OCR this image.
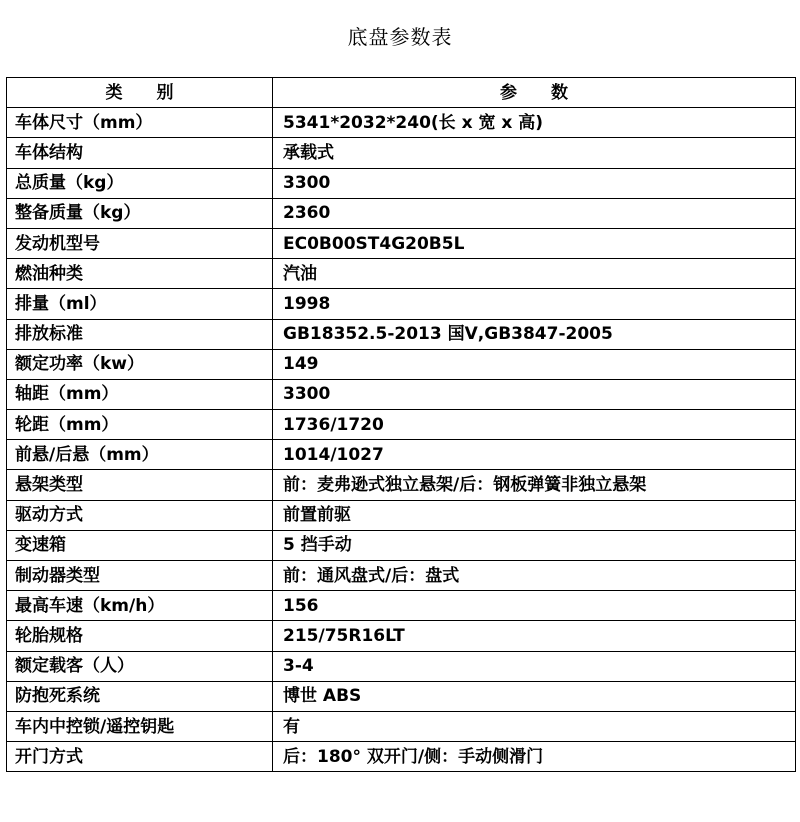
底盘参数表
类　　别	参　　数
车体尺寸（mm）	5341*2032*240(长 x 宽 x 高)
车体结构	承载式
总质量（kg）	3300
整备质量（kg）	2360
发动机型号	EC0B00ST4G20B5L
燃油种类	汽油
排量（ml）	1998
排放标准	GB18352.5-2013 国Ⅴ,GB3847-2005
额定功率（kw）	149
轴距（mm）	3300
轮距（mm）	1736/1720
前悬/后悬（mm）	1014/1027
悬架类型	前：麦弗逊式独立悬架/后：钢板弹簧非独立悬架
驱动方式	前置前驱
变速箱	5 挡手动
制动器类型	前：通风盘式/后：盘式
最高车速（km/h）	156
轮胎规格	215/75R16LT
额定载客（人）	3-4
防抱死系统	博世 ABS
车内中控锁/遥控钥匙	有
开门方式	后：180° 双开门/侧：手动侧滑门
